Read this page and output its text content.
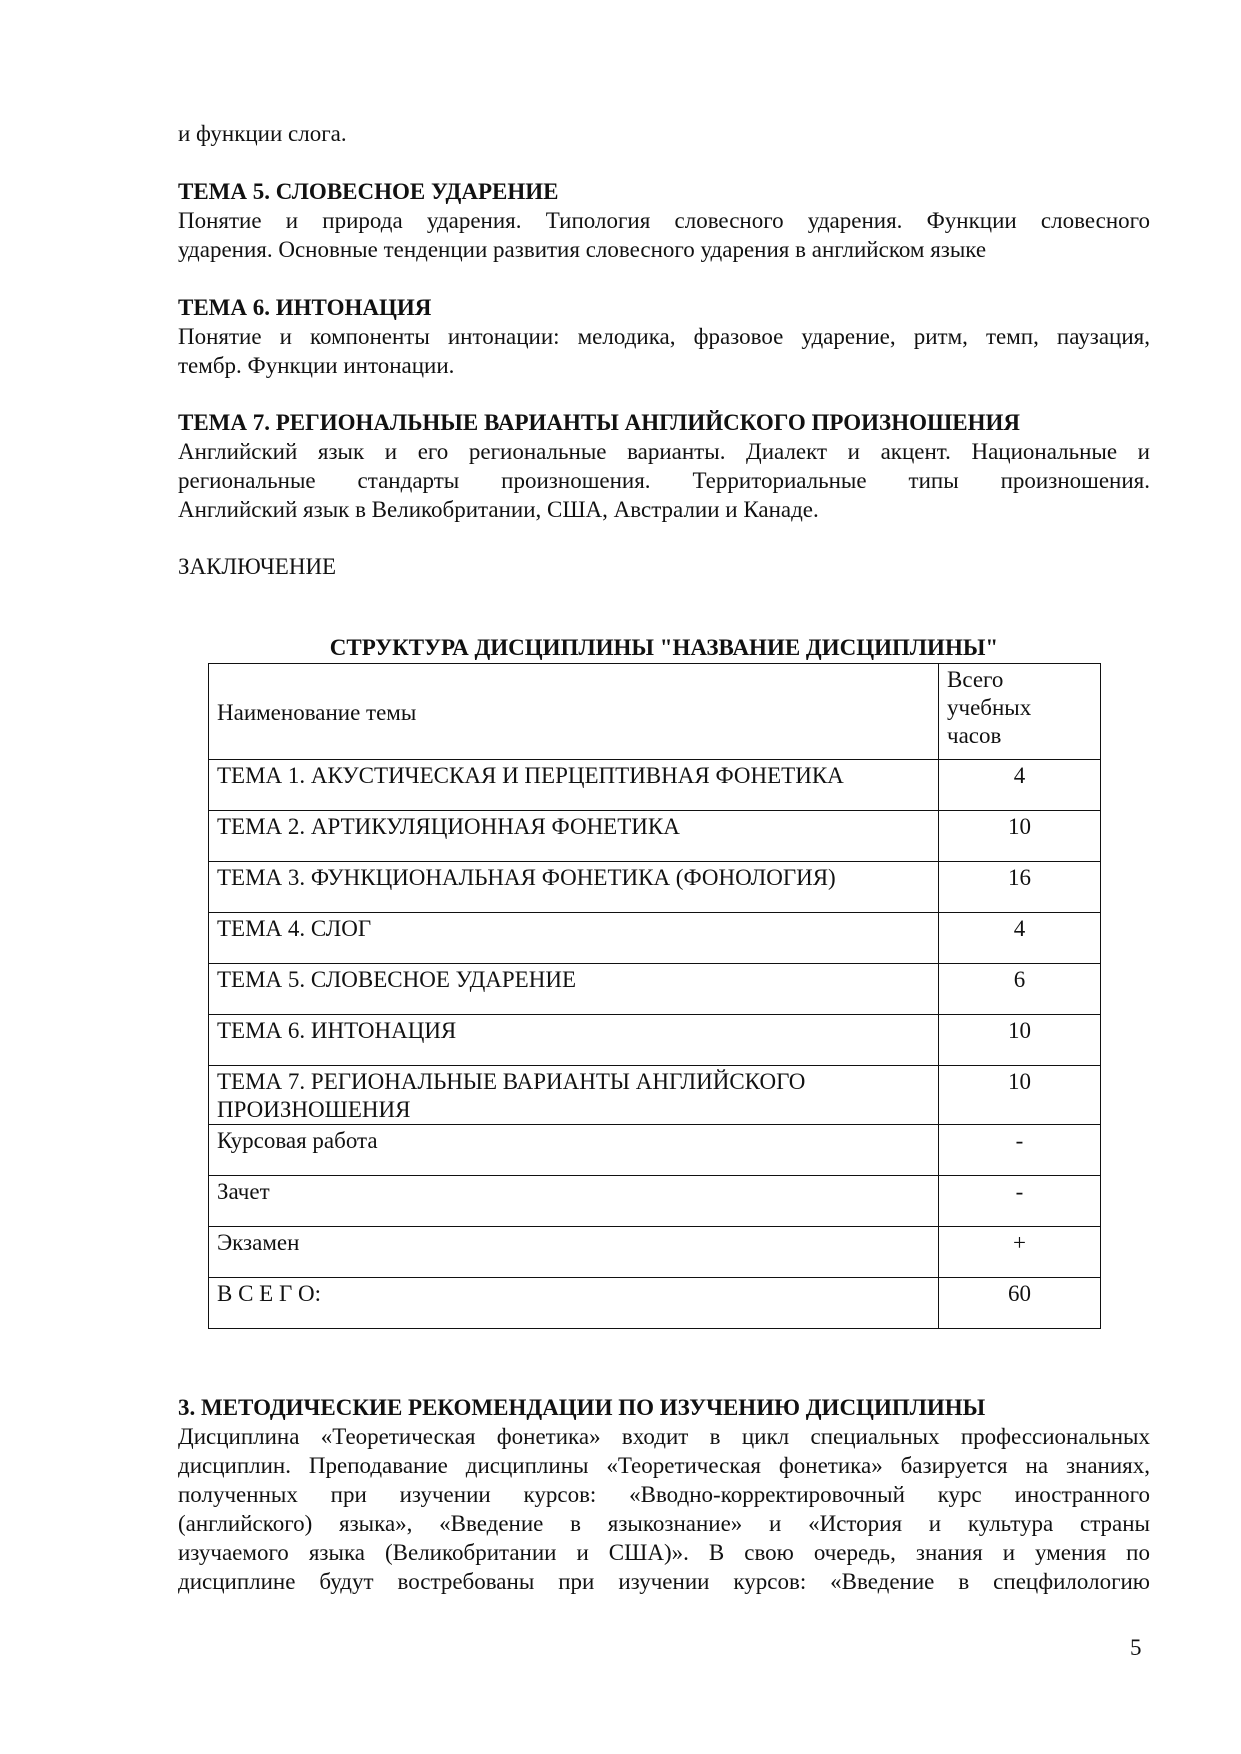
и функции слога.

ТЕМА 5. СЛОВЕСНОЕ УДАРЕНИЕ

Понятие и природа ударения. Типология словесного ударения. Функции словесного

ударения. Основные тенденции развития словесного ударения в английском языке

ТЕМА 6. ИНТОНАЦИЯ

Понятие и компоненты интонации: мелодика, фразовое ударение, ритм, темп, паузация,

тембр. Функции интонации.

ТЕМА 7. РЕГИОНАЛЬНЫЕ ВАРИАНТЫ АНГЛИЙСКОГО ПРОИЗНОШЕНИЯ

Английский язык и его региональные варианты. Диалект и акцент. Национальные и

региональные стандарты произношения. Территориальные типы произношения.

Английский язык в Великобритании, США, Австралии и Канаде.

ЗАКЛЮЧЕНИЕ

СТРУКТУРА ДИСЦИПЛИНЫ "НАЗВАНИЕ ДИСЦИПЛИНЫ"
Наименование темы	Всего
учебных
часов

ТЕМА 1. АКУСТИЧЕСКАЯ И ПЕРЦЕПТИВНАЯ ФОНЕТИКА	4
ТЕМА 2. АРТИКУЛЯЦИОННАЯ ФОНЕТИКА	10
ТЕМА 3. ФУНКЦИОНАЛЬНАЯ ФОНЕТИКА (ФОНОЛОГИЯ)	16
ТЕМА 4. СЛОГ	4
ТЕМА 5. СЛОВЕСНОЕ УДАРЕНИЕ	6
ТЕМА 6. ИНТОНАЦИЯ	10

ТЕМА 7. РЕГИОНАЛЬНЫЕ ВАРИАНТЫ АНГЛИЙСКОГО
ПРОИЗНОШЕНИЯ	10
Курсовая работа	-
Зачет	-
Экзамен	+
В С Е Г О:	60

3. МЕТОДИЧЕСКИЕ РЕКОМЕНДАЦИИ ПО ИЗУЧЕНИЮ ДИСЦИПЛИНЫ

Дисциплина «Теоретическая фонетика» входит в цикл специальных профессиональных

дисциплин. Преподавание дисциплины «Теоретическая фонетика» базируется на знаниях,

полученных при изучении курсов: «Вводно-корректировочный курс иностранного

(английского) языка», «Введение в языкознание» и «История и культура страны

изучаемого языка (Великобритании и США)». В свою очередь, знания и умения по

дисциплине будут востребованы при изучении курсов: «Введение в спецфилологию

5
